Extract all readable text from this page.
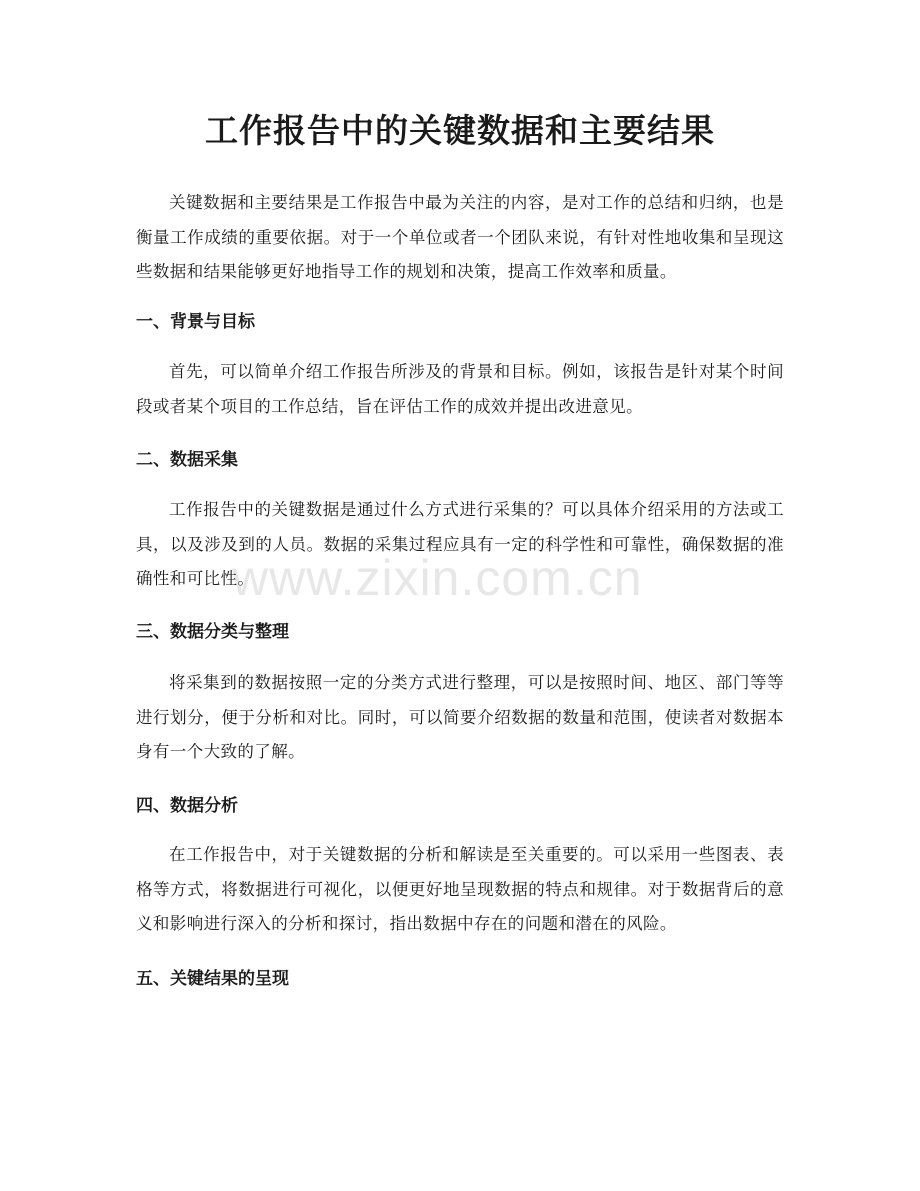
工作报告中的关键数据和主要结果

关键数据和主要结果是工作报告中最为关注的内容，是对工作的总结和归纳，也是衡量工作成绩的重要依据。对于一个单位或者一个团队来说，有针对性地收集和呈现这些数据和结果能够更好地指导工作的规划和决策，提高工作效率和质量。

一、背景与目标

首先，可以简单介绍工作报告所涉及的背景和目标。例如，该报告是针对某个时间段或者某个项目的工作总结，旨在评估工作的成效并提出改进意见。

二、数据采集

工作报告中的关键数据是通过什么方式进行采集的？可以具体介绍采用的方法或工具，以及涉及到的人员。数据的采集过程应具有一定的科学性和可靠性，确保数据的准确性和可比性。

三、数据分类与整理

将采集到的数据按照一定的分类方式进行整理，可以是按照时间、地区、部门等等进行划分，便于分析和对比。同时，可以简要介绍数据的数量和范围，使读者对数据本身有一个大致的了解。

四、数据分析

在工作报告中，对于关键数据的分析和解读是至关重要的。可以采用一些图表、表格等方式，将数据进行可视化，以便更好地呈现数据的特点和规律。对于数据背后的意义和影响进行深入的分析和探讨，指出数据中存在的问题和潜在的风险。

五、关键结果的呈现
www.zixin.com.cn
